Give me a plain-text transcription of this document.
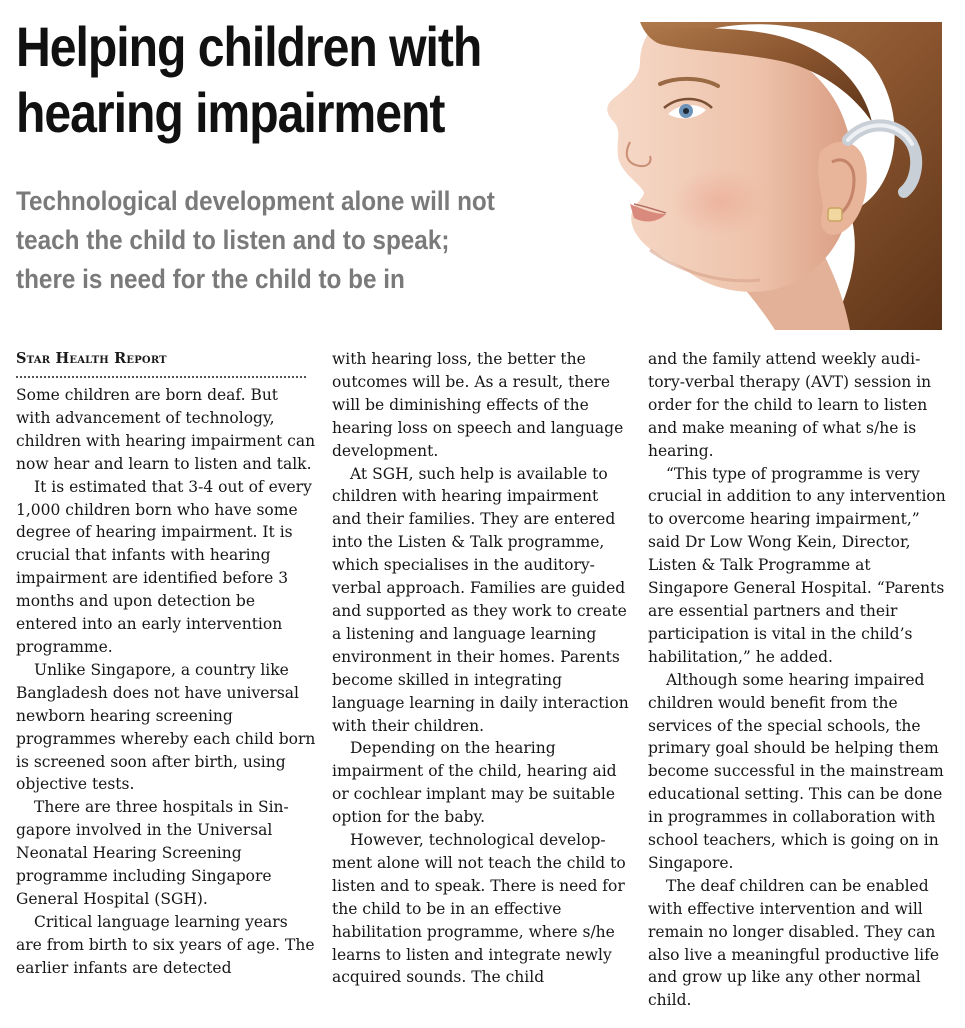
Helping children with
hearing impairment
Technological development alone will not
teach the child to listen and to speak;
there is need for the child to be in
Star Health Report

Some children are born deaf. But with advancement of technology, children with hearing impairment can now hear and learn to listen and talk.

It is estimated that 3-4 out of every 1,000 children born who have some degree of hearing impairment. It is crucial that infants with hearing impairment are identified before 3 months and upon detection be entered into an early intervention programme.

Unlike Singapore, a country like Bangladesh does not have universal newborn hearing screening programmes whereby each child born is screened soon after birth, using objective tests.

There are three hospitals in Singapore involved in the Universal Neonatal Hearing Screening programme including Singapore General Hospital (SGH).

Critical language learning years are from birth to six years of age. The earlier infants are detected

with hearing loss, the better the outcomes will be. As a result, there will be diminishing effects of the hearing loss on speech and language development.

At SGH, such help is available to children with hearing impairment and their families. They are entered into the Listen & Talk programme, which specialises in the auditory-verbal approach. Families are guided and supported as they work to create a listening and language learning environment in their homes. Parents become skilled in integrating language learning in daily interaction with their children.

Depending on the hearing impairment of the child, hearing aid or cochlear implant may be suitable option for the baby.

However, technological development alone will not teach the child to listen and to speak. There is need for the child to be in an effective habilitation programme, where s/he learns to listen and integrate newly acquired sounds. The child

and the family attend weekly auditory-verbal therapy (AVT) session in order for the child to learn to listen and make meaning of what s/he is hearing.

“This type of programme is very crucial in addition to any intervention to overcome hearing impairment,” said Dr Low Wong Kein, Director, Listen & Talk Programme at Singapore General Hospital. “Parents are essential partners and their participation is vital in the child’s habilitation,” he added.

Although some hearing impaired children would benefit from the services of the special schools, the primary goal should be helping them become successful in the mainstream educational setting. This can be done in programmes in collaboration with school teachers, which is going on in Singapore.

The deaf children can be enabled with effective intervention and will remain no longer disabled. They can also live a meaningful productive life and grow up like any other normal child.
